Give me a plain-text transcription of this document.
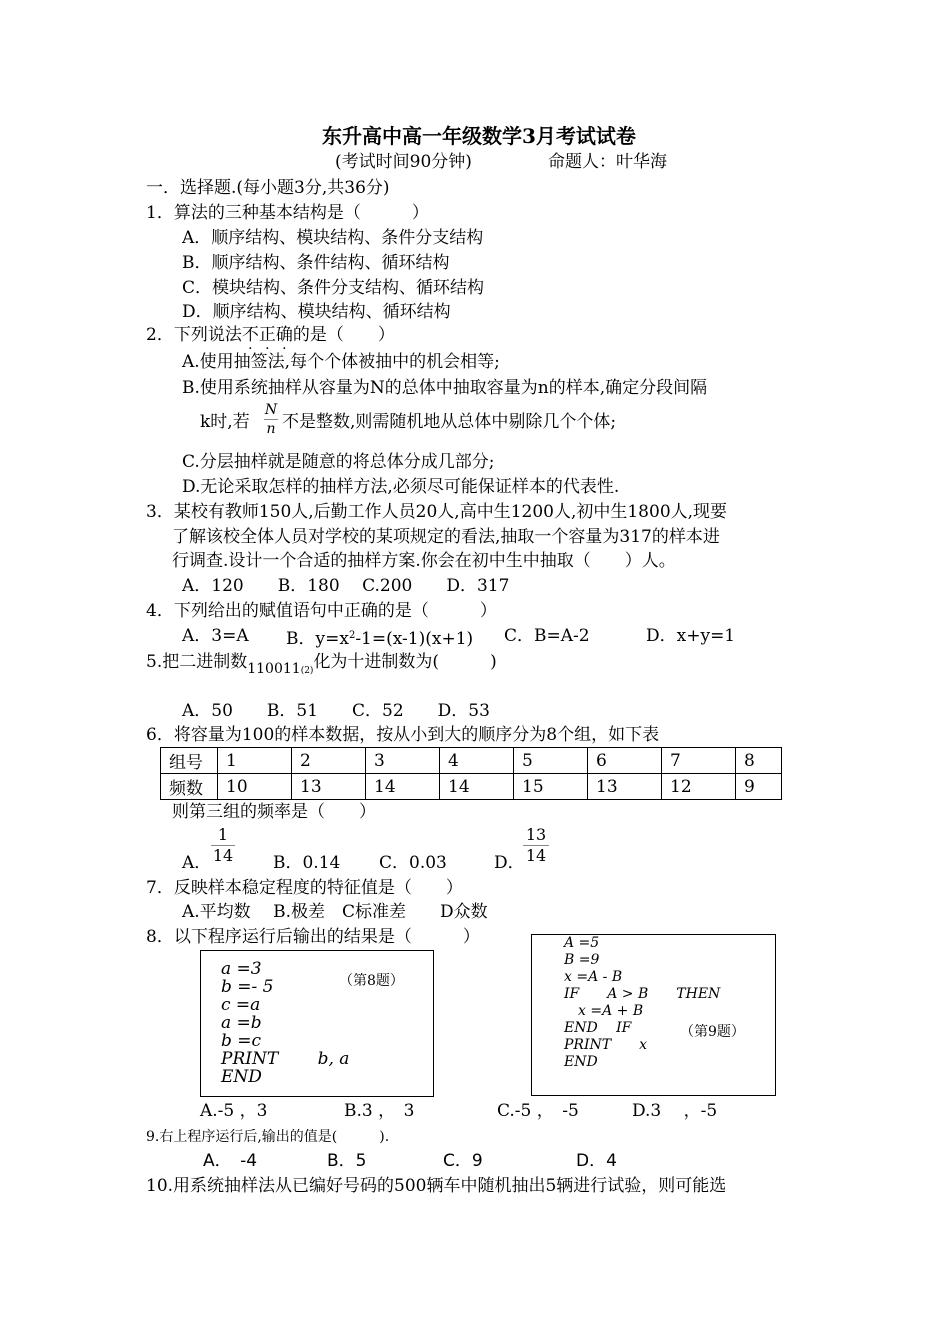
东升高中高一年级数学3月考试试卷
(考试时间90分钟)	命题人：叶华海
一．选择题.(每小题3分,共36分)
1．算法的三种基本结构是（　　　）
A．顺序结构、模块结构、条件分支结构
B．顺序结构、条件结构、循环结构
C．模块结构、条件分支结构、循环结构
D．顺序结构、模块结构、循环结构
2．下列说法不正确的是（　　）
A.使用抽签法,每个个体被抽中的机会相等;
B.使用系统抽样从容量为N的总体中抽取容量为n的样本,确定分段间隔
k时,若
N
n 不是整数,则需随机地从总体中剔除几个个体;
C.分层抽样就是随意的将总体分成几部分;
D.无论采取怎样的抽样方法,必须尽可能保证样本的代表性.
3．某校有教师150人,后勤工作人员20人,高中生1200人,初中生1800人,现要
了解该校全体人员对学校的某项规定的看法,抽取一个容量为317的样本进
行调查.设计一个合适的抽样方案.你会在初中生中抽取（　　）人。
A．120　　B．180　 C.200　　D．317
4．下列给出的赋值语句中正确的是（　　　）
A．3=A B．$y=x^2-1=(x-1)(x+1)$ C．B=A-2	D．x+y=1
5.把二进制数$_{110011(2)}$化为十进制数为(　　　)
A．50　　B．51　　C．52　　D．53
6．将容量为100的样本数据，按从小到大的顺序分为8个组，如下表
组号	1	2	3	4	5	6	7	8
频数	10	13	14	14	15	13	12	9
则第三组的频率是（　　）
A．
1
14 B．0.14 C．0.03	D．
13
14
7．反映样本稳定程度的特征值是（　　）
A.平均数　 B.极差　C标准差　　D众数
8．以下程序运行后输出的结果是（　　　）
a =3
b =- 5
c =a
a =b
b =c
PRINT　　 b, a
END
（第8题）
A =5
B =9
x =A - B
IF　　A > B　　THEN
　x =A + B
END　 IF
PRINT　　x
END
（第9题）
A.-5 ，3	B.3 ，　3	C.-5 ，　-5	D.3 　，-5
9.右上程序运行后,输出的值是(　　　).
A．　-4	B．5	C．9	D．4
10.用系统抽样法从已编好号码的500辆车中随机抽出5辆进行试验，则可能选
